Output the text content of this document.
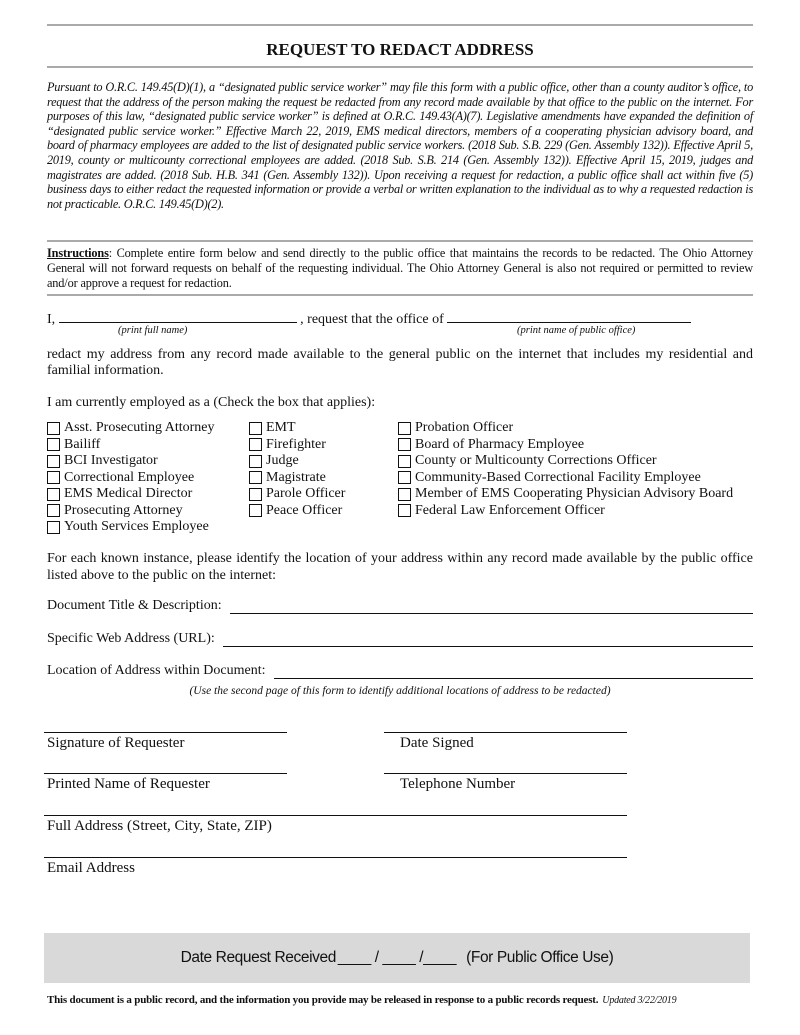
REQUEST TO REDACT ADDRESS
Pursuant to O.R.C. 149.45(D)(1), a “designated public service worker” may file this form with a public office, other than a county auditor’s office, to request that the address of the person making the request be redacted from any record made available by that office to the public on the internet. For purposes of this law, “designated public service worker” is defined at O.R.C. 149.43(A)(7). Legislative amendments have expanded the definition of “designated public service worker.” Effective March 22, 2019, EMS medical directors, members of a cooperating physician advisory board, and board of pharmacy employees are added to the list of designated public service workers. (2018 Sub. S.B. 229 (Gen. Assembly 132)). Effective April 5, 2019, county or multicounty correctional employees are added. (2018 Sub. S.B. 214 (Gen. Assembly 132)). Effective April 15, 2019, judges and magistrates are added. (2018 Sub. H.B. 341 (Gen. Assembly 132)). Upon receiving a request for redaction, a public office shall act within five (5) business days to either redact the requested information or provide a verbal or written explanation to the individual as to why a requested redaction is not practicable. O.R.C. 149.45(D)(2).
Instructions: Complete entire form below and send directly to the public office that maintains the records to be redacted. The Ohio Attorney General will not forward requests on behalf of the requesting individual. The Ohio Attorney General is also not required or permitted to review and/or approve a request for redaction.
I,	, request that the office of
(print full name)	(print name of public office)
redact my address from any record made available to the general public on the internet that includes my residential and familial information.
I am currently employed as a (Check the box that applies):
Asst. Prosecuting Attorney
Bailiff
BCI Investigator
Correctional Employee
EMS Medical Director
Prosecuting Attorney
Youth Services Employee
EMT
Firefighter
Judge
Magistrate
Parole Officer
Peace Officer
Probation Officer
Board of Pharmacy Employee
County or Multicounty Corrections Officer
Community-Based Correctional Facility Employee
Member of EMS Cooperating Physician Advisory Board
Federal Law Enforcement Officer
For each known instance, please identify the location of your address within any record made available by the public office listed above to the public on the internet:
Document Title & Description:
Specific Web Address (URL):
Location of Address within Document:
(Use the second page of this form to identify additional locations of address to be redacted)
Signature of Requester	Date Signed
Printed Name of Requester	Telephone Number
Full Address (Street, City, State, ZIP)
Email Address
Date Request Received ____ / ____ /____ (For Public Office Use)
This document is a public record, and the information you provide may be released in response to a public records request. Updated 3/22/2019
